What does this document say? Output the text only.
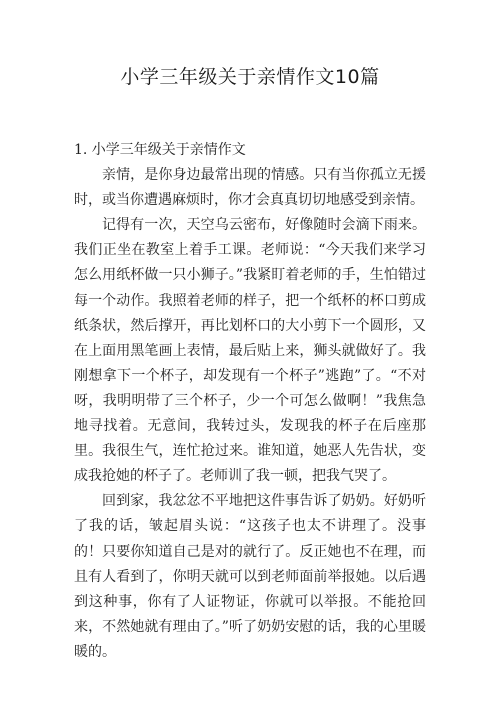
小学三年级关于亲情作文10篇
1. 小学三年级关于亲情作文

亲情，是你身边最常出现的情感。只有当你孤立无援时，或当你遭遇麻烦时，你才会真真切切地感受到亲情。

记得有一次，天空乌云密布，好像随时会滴下雨来。我们正坐在教室上着手工课。老师说：“今天我们来学习怎么用纸杯做一只小狮子。”我紧盯着老师的手，生怕错过每一个动作。我照着老师的样子，把一个纸杯的杯口剪成纸条状，然后撑开，再比划杯口的大小剪下一个圆形，又在上面用黑笔画上表情，最后贴上来，狮头就做好了。我刚想拿下一个杯子，却发现有一个杯子”逃跑”了。“不对呀，我明明带了三个杯子，少一个可怎么做啊！”我焦急地寻找着。无意间，我转过头，发现我的杯子在后座那里。我很生气，连忙抢过来。谁知道，她恶人先告状，变成我抢她的杯子了。老师训了我一顿，把我气哭了。

回到家，我忿忿不平地把这件事告诉了奶奶。好奶听了我的话，皱起眉头说：“这孩子也太不讲理了。没事的！只要你知道自己是对的就行了。反正她也不在理，而且有人看到了，你明天就可以到老师面前举报她。以后遇到这种事，你有了人证物证，你就可以举报。不能抢回来，不然她就有理由了。”听了奶奶安慰的话，我的心里暖暖的。
